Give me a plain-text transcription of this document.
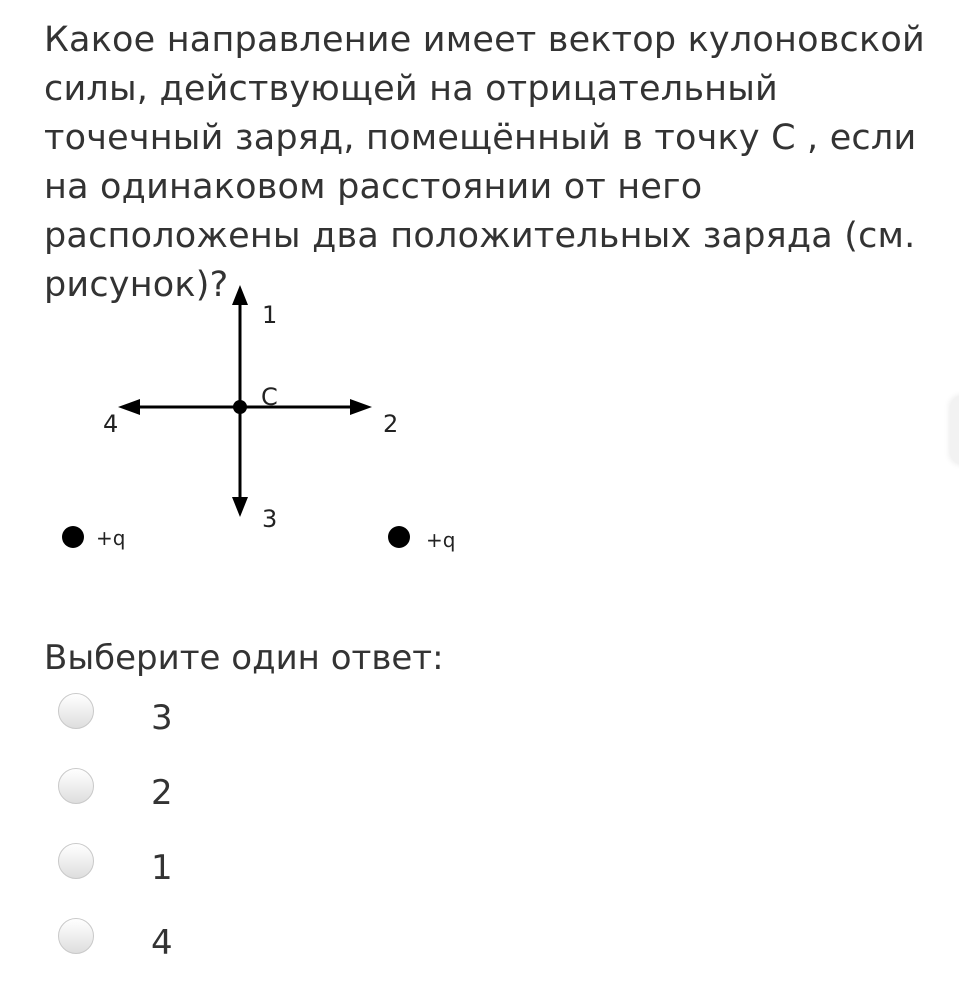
Какое направление имеет вектор кулоновской силы, действующей на отрицательный точечный заряд, помещённый в точку С , если на одинаковом расстоянии от него расположены два положительных заряда (см. рисунок)?

1
C
2
3
4
+q	+q
Выберите один ответ:
3
2
1
4
